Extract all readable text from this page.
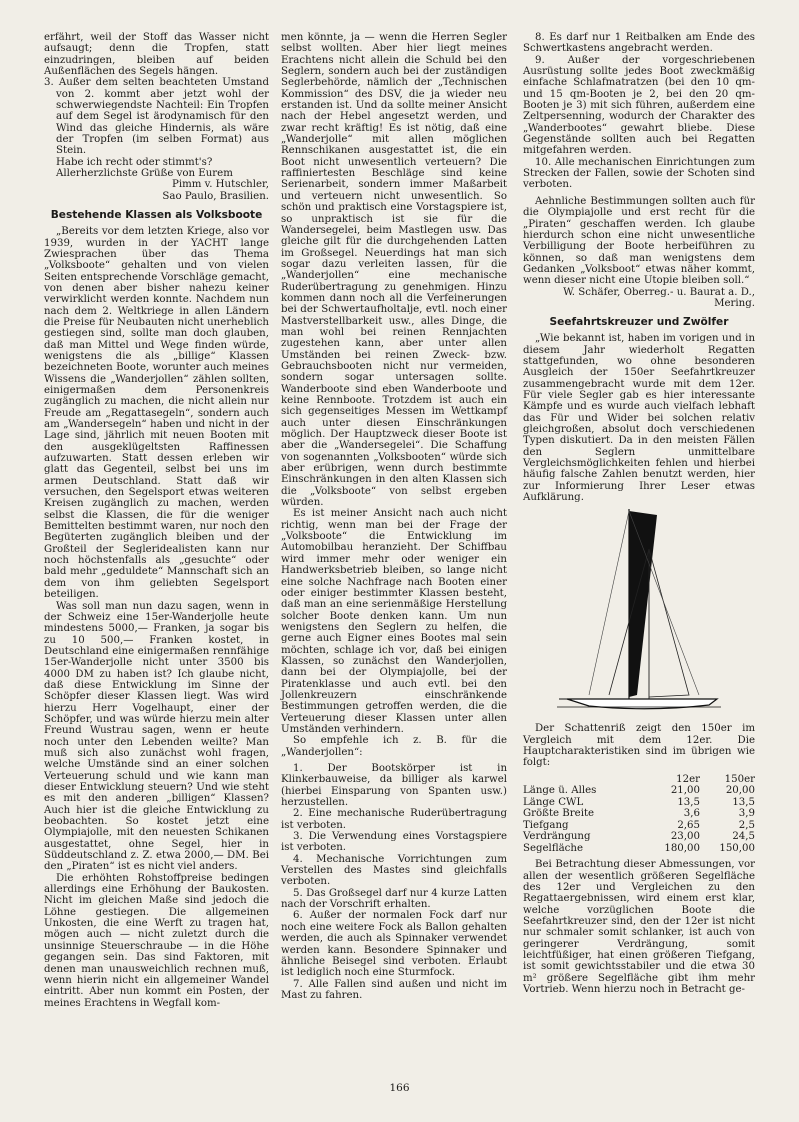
erfährt, weil der Stoff das Wasser nicht aufsaugt; denn die Tropfen, statt einzudringen, bleiben auf beiden Außenflächen des Segels hängen.

3. Außer dem selten beachteten Umstand von 2. kommt aber jetzt wohl der schwerwiegendste Nachteil: Ein Tropfen auf dem Segel ist ärodynamisch für den Wind das gleiche Hindernis, als wäre der Tropfen (im selben Format) aus Stein.

Habe ich recht oder stimmt's?

Allerherzlichste Grüße von Eurem

Pimm v. Hutschler,

Sao Paulo, Brasilien.

Bestehende Klassen als Volksboote

„Bereits vor dem letzten Kriege, also vor 1939, wurden in der YACHT lange Zwiesprachen über das Thema „Volksboote“ gehalten und von vielen Seiten entsprechende Vorschläge gemacht, von denen aber bisher nahezu keiner verwirklicht werden konnte. Nachdem nun nach dem 2. Weltkriege in allen Ländern die Preise für Neubauten nicht unerheblich gestiegen sind, sollte man doch glauben, daß man Mittel und Wege finden würde, wenigstens die als „billige“ Klassen bezeichneten Boote, worunter auch meines Wissens die „Wanderjollen“ zählen sollten, einigermaßen dem Personenkreis zugänglich zu machen, die nicht allein nur Freude am „Regattasegeln“, sondern auch am „Wandersegeln“ haben und nicht in der Lage sind, jährlich mit neuen Booten mit den ausgeklügeltsten Raffinessen aufzuwarten. Statt dessen erleben wir glatt das Gegenteil, selbst bei uns im armen Deutschland. Statt daß wir versuchen, den Segelsport etwas weiteren Kreisen zugänglich zu machen, werden selbst die Klassen, die für die weniger Bemittelten bestimmt waren, nur noch den Begüterten zugänglich bleiben und der Großteil der Segleridealisten kann nur noch höchstenfalls als „gesuchte“ oder bald mehr „geduldete“ Mannschaft sich an dem von ihm geliebten Segelsport beteiligen.

Was soll man nun dazu sagen, wenn in der Schweiz eine 15er-Wanderjolle heute mindestens 5000,— Franken, ja sogar bis zu 10 500,— Franken kostet, in Deutschland eine einigermaßen rennfähige 15er-Wanderjolle nicht unter 3500 bis 4000 DM zu haben ist? Ich glaube nicht, daß diese Entwicklung im Sinne der Schöpfer dieser Klassen liegt. Was wird hierzu Herr Vogelhaupt, einer der Schöpfer, und was würde hierzu mein alter Freund Wustrau sagen, wenn er heute noch unter den Lebenden weilte? Man muß sich also zunächst wohl fragen, welche Umstände sind an einer solchen Verteuerung schuld und wie kann man dieser Entwicklung steuern? Und wie steht es mit den anderen „billigen“ Klassen? Auch hier ist die gleiche Entwicklung zu beobachten. So kostet jetzt eine Olympiajolle, mit den neuesten Schikanen ausgestattet, ohne Segel, hier in Süddeutschland z. Z. etwa 2000,— DM. Bei den „Piraten“ ist es nicht viel anders.

Die erhöhten Rohstoffpreise bedingen allerdings eine Erhöhung der Baukosten. Nicht im gleichen Maße sind jedoch die Löhne gestiegen. Die allgemeinen Unkosten, die eine Werft zu tragen hat, mögen auch — nicht zuletzt durch die unsinnige Steuerschraube — in die Höhe gegangen sein. Das sind Faktoren, mit denen man unausweichlich rechnen muß, wenn hierin nicht ein allgemeiner Wandel eintritt. Aber nun kommt ein Posten, der meines Erachtens in Wegfall kom-

men könnte, ja — wenn die Herren Segler selbst wollten. Aber hier liegt meines Erachtens nicht allein die Schuld bei den Seglern, sondern auch bei der zuständigen Seglerbehörde, nämlich der „Technischen Kommission“ des DSV, die ja wieder neu erstanden ist. Und da sollte meiner Ansicht nach der Hebel angesetzt werden, und zwar recht kräftig! Es ist nötig, daß eine „Wanderjolle“ mit allen möglichen Rennschikanen ausgestattet ist, die ein Boot nicht unwesentlich verteuern? Die raffiniertesten Beschläge sind keine Serienarbeit, sondern immer Maßarbeit und verteuern nicht unwesentlich. So schön und praktisch eine Vorstagspiere ist, so unpraktisch ist sie für die Wandersegelei, beim Mastlegen usw. Das gleiche gilt für die durchgehenden Latten im Großsegel. Neuerdings hat man sich sogar dazu verleiten lassen, für die „Wanderjollen“ eine mechanische Ruderübertragung zu genehmigen. Hinzu kommen dann noch all die Verfeinerungen bei der Schwertaufholtalje, evtl. noch einer Mastverstellbarkeit usw., alles Dinge, die man wohl bei reinen Rennjachten zugestehen kann, aber unter allen Umständen bei reinen Zweck- bzw. Gebrauchsbooten nicht nur vermeiden, sondern sogar untersagen sollte. Wanderboote sind eben Wanderboote und keine Rennboote. Trotzdem ist auch ein sich gegenseitiges Messen im Wettkampf auch unter diesen Einschränkungen möglich. Der Hauptzweck dieser Boote ist aber die „Wandersegelei“. Die Schaffung von sogenannten „Volksbooten“ würde sich aber erübrigen, wenn durch bestimmte Einschränkungen in den alten Klassen sich die „Volksboote“ von selbst ergeben würden.

Es ist meiner Ansicht nach auch nicht richtig, wenn man bei der Frage der „Volksboote“ die Entwicklung im Automobilbau heranzieht. Der Schiffbau wird immer mehr oder weniger ein Handwerksbetrieb bleiben, so lange nicht eine solche Nachfrage nach Booten einer oder einiger bestimmter Klassen besteht, daß man an eine serienmäßige Herstellung solcher Boote denken kann. Um nun wenigstens den Seglern zu helfen, die gerne auch Eigner eines Bootes mal sein möchten, schlage ich vor, daß bei einigen Klassen, so zunächst den Wanderjollen, dann bei der Olympiajolle, bei der Piratenklasse und auch evtl. bei den Jollenkreuzern einschränkende Bestimmungen getroffen werden, die die Verteuerung dieser Klassen unter allen Umständen verhindern.

So empfehle ich z. B. für die „Wanderjollen“:

1. Der Bootskörper ist in Klinkerbauweise, da billiger als karwel (hierbei Einsparung von Spanten usw.) herzustellen.

2. Eine mechanische Ruderübertragung ist verboten.

3. Die Verwendung eines Vorstagspiere ist verboten.

4. Mechanische Vorrichtungen zum Verstellen des Mastes sind gleichfalls verboten.

5. Das Großsegel darf nur 4 kurze Latten nach der Vorschrift erhalten.

6. Außer der normalen Fock darf nur noch eine weitere Fock als Ballon gehalten werden, die auch als Spinnaker verwendet werden kann. Besondere Spinnaker und ähnliche Beisegel sind verboten. Erlaubt ist lediglich noch eine Sturmfock.

7. Alle Fallen sind außen und nicht im Mast zu fahren.

8. Es darf nur 1 Reitbalken am Ende des Schwertkastens angebracht werden.

9. Außer der vorgeschriebenen Ausrüstung sollte jedes Boot zweckmäßig einfache Schlafmatratzen (bei den 10 qm- und 15 qm-Booten je 2, bei den 20 qm-Booten je 3) mit sich führen, außerdem eine Zeltpersenning, wodurch der Charakter des „Wanderbootes“ gewahrt bliebe. Diese Gegenstände sollten auch bei Regatten mitgefahren werden.

10. Alle mechanischen Einrichtungen zum Strecken der Fallen, sowie der Schoten sind verboten.

Aehnliche Bestimmungen sollten auch für die Olympiajolle und erst recht für die „Piraten“ geschaffen werden. Ich glaube hierdurch schon eine nicht unwesentliche Verbilligung der Boote herbeiführen zu können, so daß man wenigstens dem Gedanken „Volksboot“ etwas näher kommt, wenn dieser nicht eine Utopie bleiben soll.“

W. Schäfer, Oberreg.- u. Baurat a. D.,

Mering.

Seefahrtskreuzer und Zwölfer

„Wie bekannt ist, haben im vorigen und in diesem Jahr wiederholt Regatten stattgefunden, wo ohne besonderen Ausgleich der 150er Seefahrtkreuzer zusammengebracht wurde mit dem 12er. Für viele Segler gab es hier interessante Kämpfe und es wurde auch vielfach lebhaft das Für und Wider bei solchen relativ gleichgroßen, absolut doch verschiedenen Typen diskutiert. Da in den meisten Fällen den Seglern unmittelbare Vergleichsmöglichkeiten fehlen und hierbei häufig falsche Zahlen benutzt werden, hier zur Informierung Ihrer Leser etwas Aufklärung.

Der Schattenriß zeigt den 150er im Vergleich mit dem 12er. Die Hauptcharakteristiken sind im übrigen wie folgt:

	12er	150er
Länge ü. Alles	21,00	20,00
Länge CWL	13,5	13,5
Größte Breite	3,6	3,9
Tiefgang	2,65	2,5
Verdrängung	23,00	24,5
Segelfläche	180,00	150,00

Bei Betrachtung dieser Abmessungen, vor allen der wesentlich größeren Segelfläche des 12er und Vergleichen zu den Regattaergebnissen, wird einem erst klar, welche vorzüglichen Boote die Seefahrtkreuzer sind, den der 12er ist nicht nur schmaler somit schlanker, ist auch von geringerer Verdrängung, somit leichtfüßiger, hat einen größeren Tiefgang, ist somit gewichtsstabiler und die etwa 30 m² größere Segelfläche gibt ihm mehr Vortrieb. Wenn hierzu noch in Betracht ge-

166
